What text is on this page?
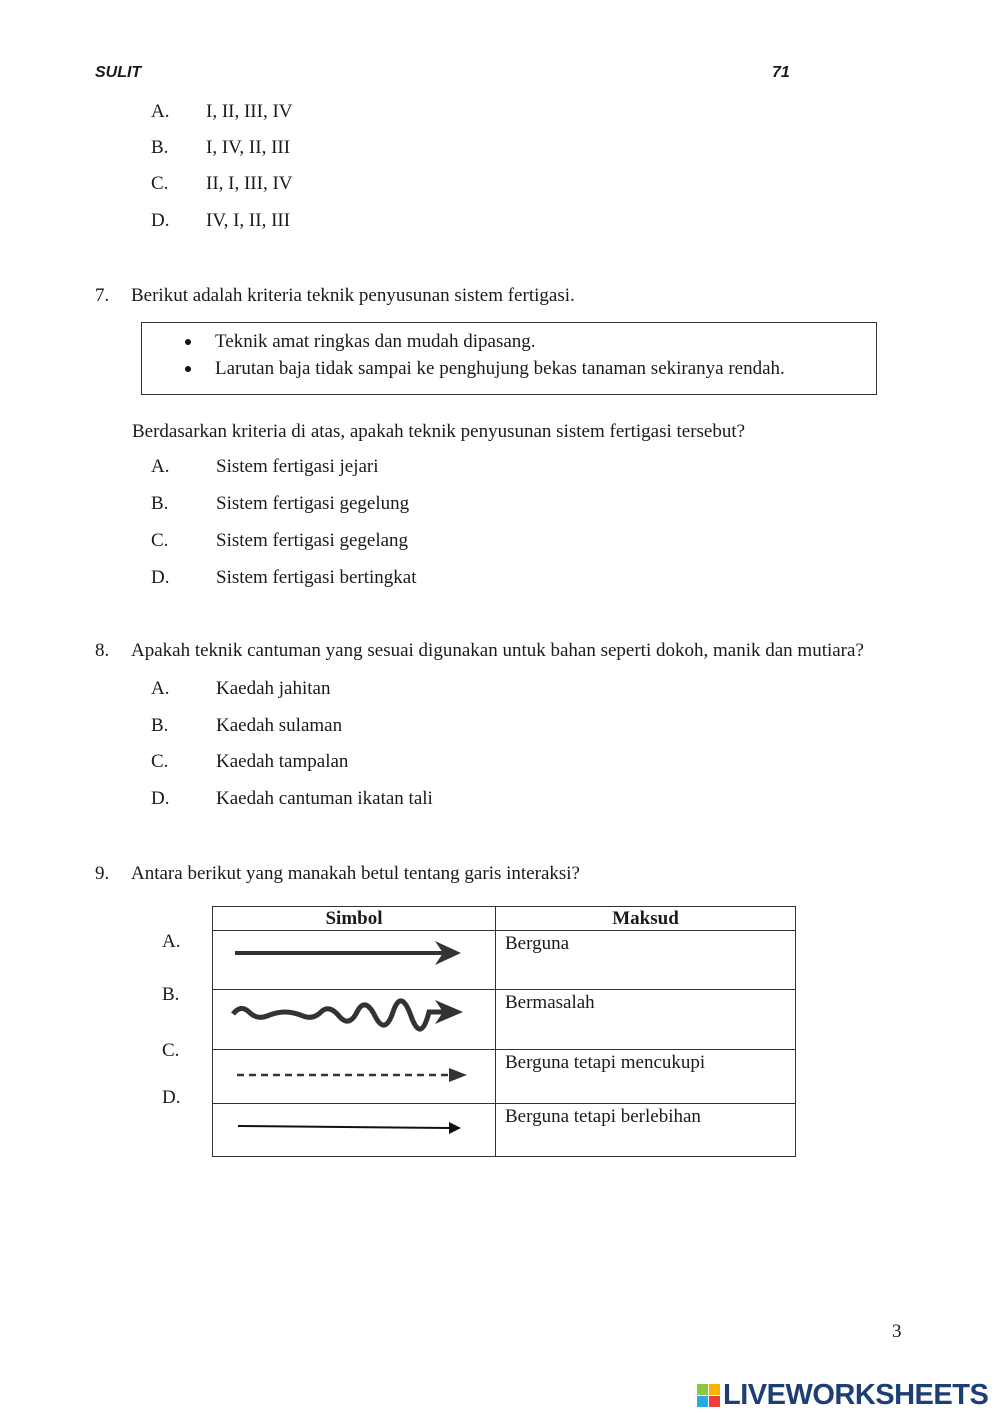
SULIT	71
A. I, II, III, IV
B. I, IV, II, III
C. II, I, III, IV
D. IV, I, II, III
7. Berikut adalah kriteria teknik penyusunan sistem fertigasi.
Teknik amat ringkas dan mudah dipasang.
Larutan baja tidak sampai ke penghujung bekas tanaman sekiranya rendah.
Berdasarkan kriteria di atas, apakah teknik penyusunan sistem fertigasi tersebut?
A. Sistem fertigasi jejari
B.	Sistem fertigasi gegelung
C.	Sistem fertigasi gegelang
D. Sistem fertigasi bertingkat
8. Apakah teknik cantuman yang sesuai digunakan untuk bahan seperti dokoh, manik dan mutiara?
A. Kaedah jahitan
B.	Kaedah sulaman
C.	Kaedah tampalan
D. Kaedah cantuman ikatan tali
9. Antara berikut yang manakah betul tentang garis interaksi?
A.
B.
C.
D.
Simbol	Maksud
	Berguna
	Bermasalah
	Berguna tetapi mencukupi
	Berguna tetapi berlebihan
3
LIVEWORKSHEETS
